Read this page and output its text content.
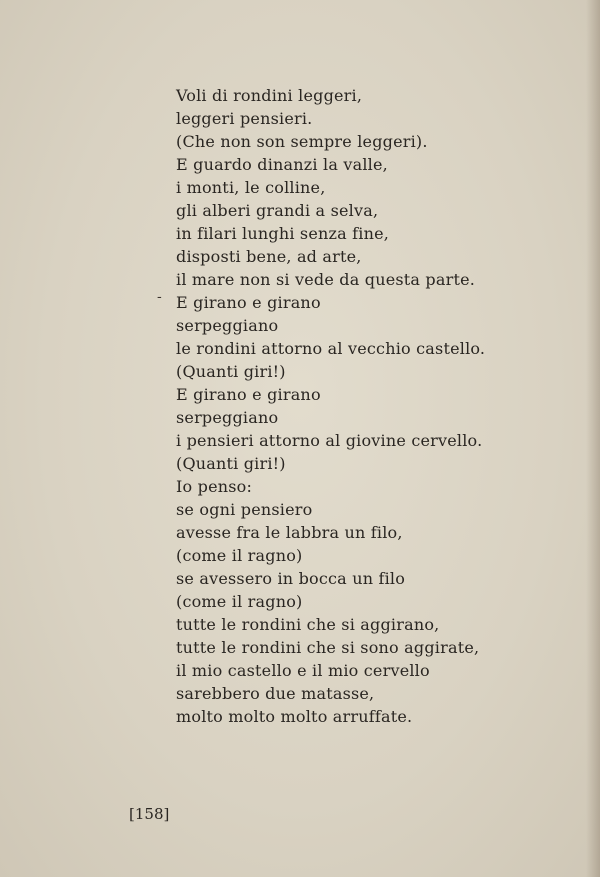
-
Voli di rondini leggeri,
leggeri pensieri.
(Che non son sempre leggeri).
E guardo dinanzi la valle,
i monti, le colline,
gli alberi grandi a selva,
in filari lunghi senza fine,
disposti bene, ad arte,
il mare non si vede da questa parte.
E girano e girano
serpeggiano
le rondini attorno al vecchio castello.
(Quanti giri!)
E girano e girano
serpeggiano
i pensieri attorno al giovine cervello.
(Quanti giri!)
Io penso:
se ogni pensiero
avesse fra le labbra un filo,
(come il ragno)
se avessero in bocca un filo
(come il ragno)
tutte le rondini che si aggirano,
tutte le rondini che si sono aggirate,
il mio castello e il mio cervello
sarebbero due matasse,
molto molto molto arruffate.
[158]
